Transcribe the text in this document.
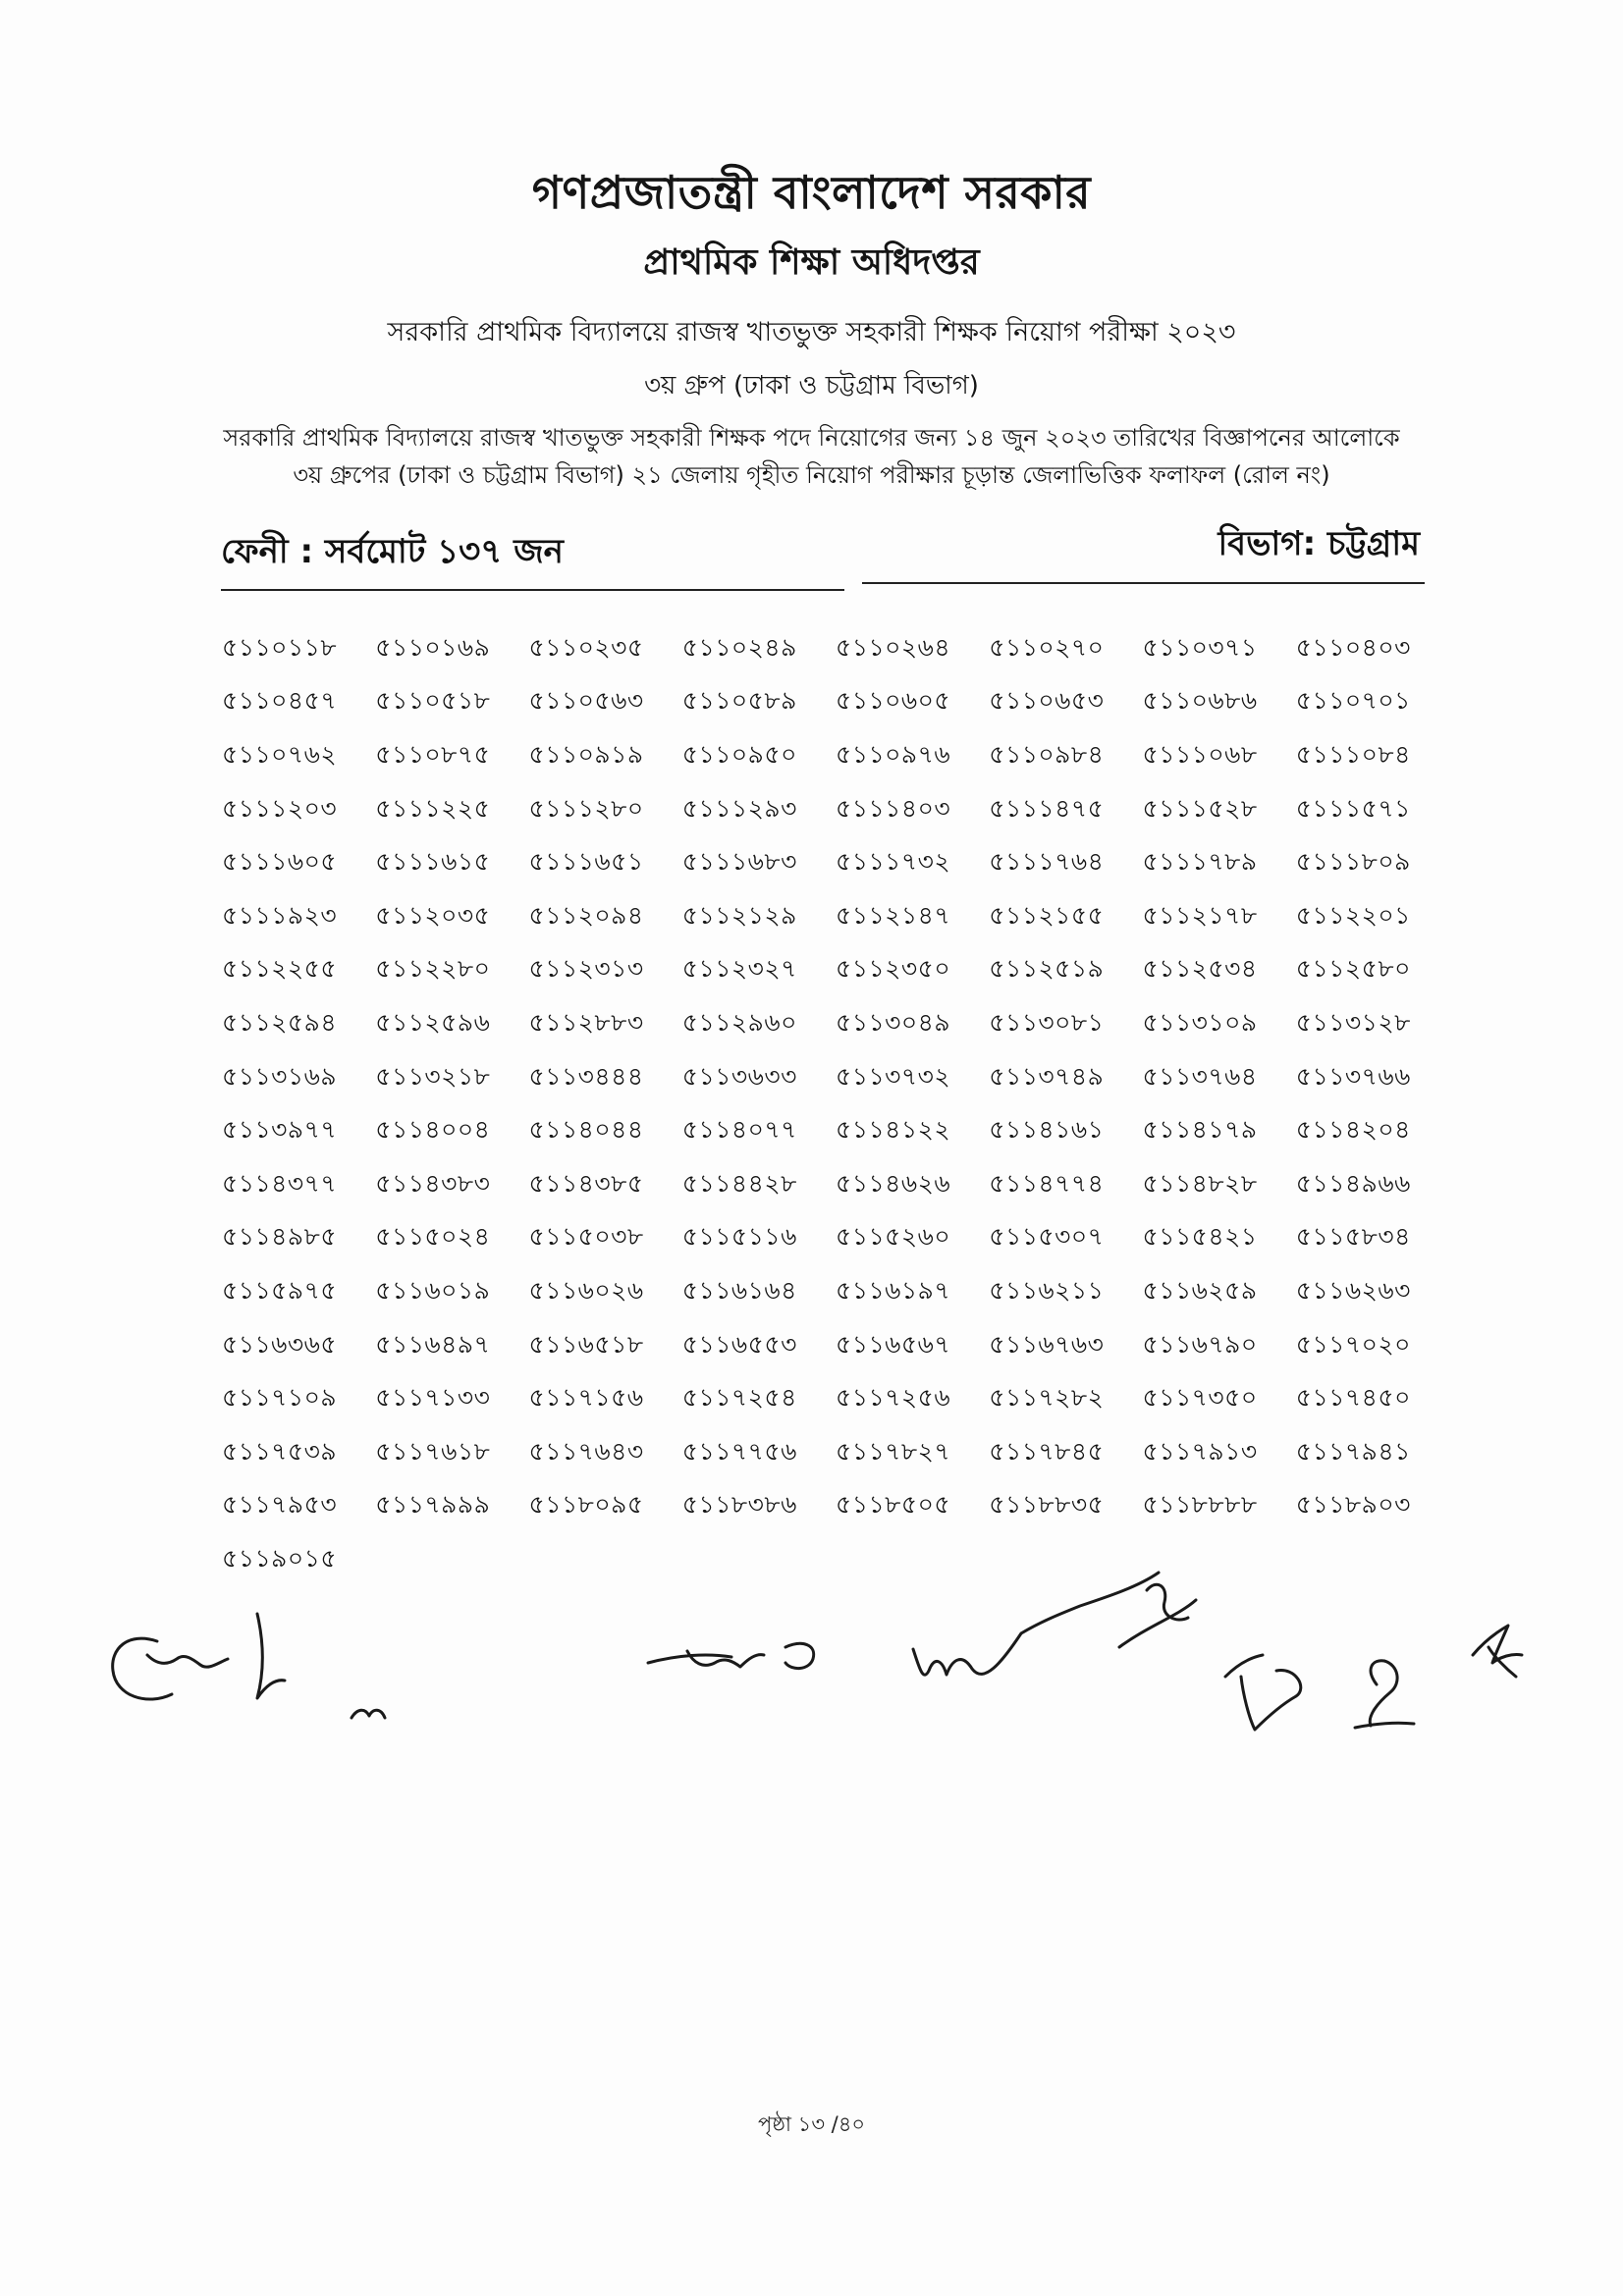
গণপ্রজাতন্ত্রী বাংলাদেশ সরকার
প্রাথমিক শিক্ষা অধিদপ্তর
সরকারি প্রাথমিক বিদ্যালয়ে রাজস্ব খাতভুক্ত সহকারী শিক্ষক নিয়োগ পরীক্ষা ২০২৩
৩য় গ্রুপ (ঢাকা ও চট্টগ্রাম বিভাগ)
সরকারি প্রাথমিক বিদ্যালয়ে রাজস্ব খাতভুক্ত সহকারী শিক্ষক পদে নিয়োগের জন্য ১৪ জুন ২০২৩ তারিখের বিজ্ঞাপনের আলোকে
৩য় গ্রুপের (ঢাকা ও চট্টগ্রাম বিভাগ) ২১ জেলায় গৃহীত নিয়োগ পরীক্ষার চূড়ান্ত জেলাভিত্তিক ফলাফল (রোল নং)
ফেনী : সর্বমোট ১৩৭ জন	বিভাগ: চট্টগ্রাম
৫১১০১১৮	৫১১০১৬৯	৫১১০২৩৫	৫১১০২৪৯	৫১১০২৬৪	৫১১০২৭০	৫১১০৩৭১	৫১১০৪০৩
৫১১০৪৫৭	৫১১০৫১৮	৫১১০৫৬৩	৫১১০৫৮৯	৫১১০৬০৫	৫১১০৬৫৩	৫১১০৬৮৬	৫১১০৭০১
৫১১০৭৬২	৫১১০৮৭৫	৫১১০৯১৯	৫১১০৯৫০	৫১১০৯৭৬	৫১১০৯৮৪	৫১১১০৬৮	৫১১১০৮৪
৫১১১২০৩	৫১১১২২৫	৫১১১২৮০	৫১১১২৯৩	৫১১১৪০৩	৫১১১৪৭৫	৫১১১৫২৮	৫১১১৫৭১
৫১১১৬০৫	৫১১১৬১৫	৫১১১৬৫১	৫১১১৬৮৩	৫১১১৭৩২	৫১১১৭৬৪	৫১১১৭৮৯	৫১১১৮০৯
৫১১১৯২৩	৫১১২০৩৫	৫১১২০৯৪	৫১১২১২৯	৫১১২১৪৭	৫১১২১৫৫	৫১১২১৭৮	৫১১২২০১
৫১১২২৫৫	৫১১২২৮০	৫১১২৩১৩	৫১১২৩২৭	৫১১২৩৫০	৫১১২৫১৯	৫১১২৫৩৪	৫১১২৫৮০
৫১১২৫৯৪	৫১১২৫৯৬	৫১১২৮৮৩	৫১১২৯৬০	৫১১৩০৪৯	৫১১৩০৮১	৫১১৩১০৯	৫১১৩১২৮
৫১১৩১৬৯	৫১১৩২১৮	৫১১৩৪৪৪	৫১১৩৬৩৩	৫১১৩৭৩২	৫১১৩৭৪৯	৫১১৩৭৬৪	৫১১৩৭৬৬
৫১১৩৯৭৭	৫১১৪০০৪	৫১১৪০৪৪	৫১১৪০৭৭	৫১১৪১২২	৫১১৪১৬১	৫১১৪১৭৯	৫১১৪২০৪
৫১১৪৩৭৭	৫১১৪৩৮৩	৫১১৪৩৮৫	৫১১৪৪২৮	৫১১৪৬২৬	৫১১৪৭৭৪	৫১১৪৮২৮	৫১১৪৯৬৬
৫১১৪৯৮৫	৫১১৫০২৪	৫১১৫০৩৮	৫১১৫১১৬	৫১১৫২৬০	৫১১৫৩০৭	৫১১৫৪২১	৫১১৫৮৩৪
৫১১৫৯৭৫	৫১১৬০১৯	৫১১৬০২৬	৫১১৬১৬৪	৫১১৬১৯৭	৫১১৬২১১	৫১১৬২৫৯	৫১১৬২৬৩
৫১১৬৩৬৫	৫১১৬৪৯৭	৫১১৬৫১৮	৫১১৬৫৫৩	৫১১৬৫৬৭	৫১১৬৭৬৩	৫১১৬৭৯০	৫১১৭০২০
৫১১৭১০৯	৫১১৭১৩৩	৫১১৭১৫৬	৫১১৭২৫৪	৫১১৭২৫৬	৫১১৭২৮২	৫১১৭৩৫০	৫১১৭৪৫০
৫১১৭৫৩৯	৫১১৭৬১৮	৫১১৭৬৪৩	৫১১৭৭৫৬	৫১১৭৮২৭	৫১১৭৮৪৫	৫১১৭৯১৩	৫১১৭৯৪১
৫১১৭৯৫৩	৫১১৭৯৯৯	৫১১৮০৯৫	৫১১৮৩৮৬	৫১১৮৫০৫	৫১১৮৮৩৫	৫১১৮৮৮৮	৫১১৮৯০৩
৫১১৯০১৫
পৃষ্ঠা ১৩ /৪০
